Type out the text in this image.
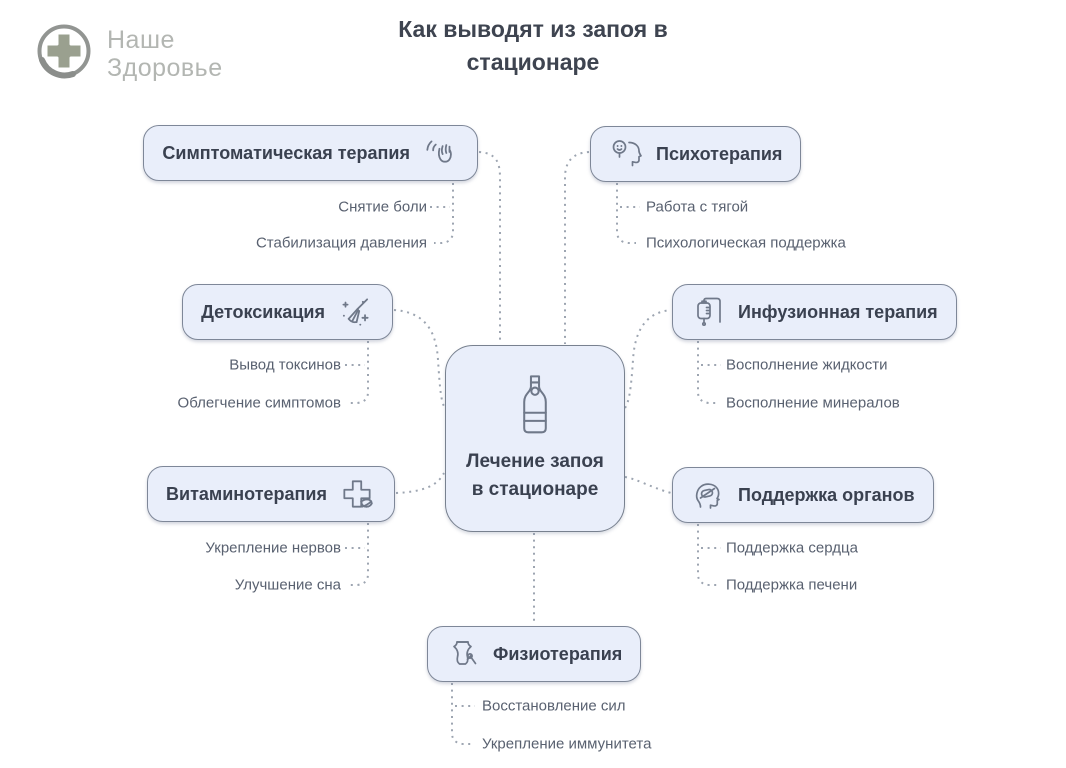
Наше
Здоровье
Как выводят из запоя в стационаре
Лечение запоя в стационаре
Симптоматическая терапия
Снятие боли
Стабилизация давления
Психотерапия
Работа с тягой
Психологическая поддержка
Детоксикация
Вывод токсинов
Облегчение симптомов
Инфузионная терапия
Восполнение жидкости
Восполнение минералов
Витаминотерапия
Укрепление нервов
Улучшение сна
Поддержка органов
Поддержка сердца
Поддержка печени
Физиотерапия
Восстановление сил
Укрепление иммунитета
